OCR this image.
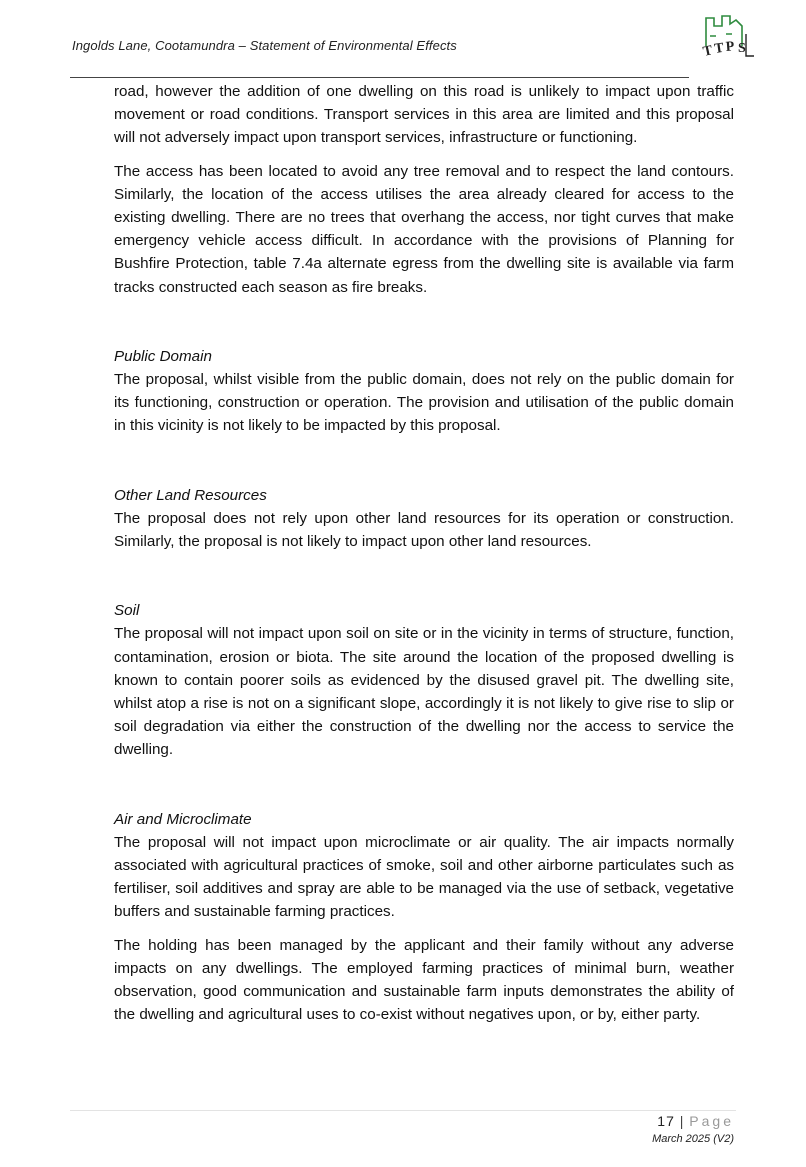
Ingolds Lane, Cootamundra – Statement of Environmental Effects	T T P S

road, however the addition of one dwelling on this road is unlikely to impact upon traffic movement or road conditions. Transport services in this area are limited and this proposal will not adversely impact upon transport services, infrastructure or functioning.

The access has been located to avoid any tree removal and to respect the land contours. Similarly, the location of the access utilises the area already cleared for access to the existing dwelling. There are no trees that overhang the access, nor tight curves that make emergency vehicle access difficult. In accordance with the provisions of Planning for Bushfire Protection, table 7.4a alternate egress from the dwelling site is available via farm tracks constructed each season as fire breaks.

Public Domain

The proposal, whilst visible from the public domain, does not rely on the public domain for its functioning, construction or operation. The provision and utilisation of the public domain in this vicinity is not likely to be impacted by this proposal.

Other Land Resources

The proposal does not rely upon other land resources for its operation or construction. Similarly, the proposal is not likely to impact upon other land resources.

Soil

The proposal will not impact upon soil on site or in the vicinity in terms of structure, function, contamination, erosion or biota. The site around the location of the proposed dwelling is known to contain poorer soils as evidenced by the disused gravel pit. The dwelling site, whilst atop a rise is not on a significant slope, accordingly it is not likely to give rise to slip or soil degradation via either the construction of the dwelling nor the access to service the dwelling.

Air and Microclimate

The proposal will not impact upon microclimate or air quality. The air impacts normally associated with agricultural practices of smoke, soil and other airborne particulates such as fertiliser, soil additives and spray are able to be managed via the use of setback, vegetative buffers and sustainable farming practices.

The holding has been managed by the applicant and their family without any adverse impacts on any dwellings. The employed farming practices of minimal burn, weather observation, good communication and sustainable farm inputs demonstrates the ability of the dwelling and agricultural uses to co-exist without negatives upon, or by, either party.

17 | Page
March 2025 (V2)
